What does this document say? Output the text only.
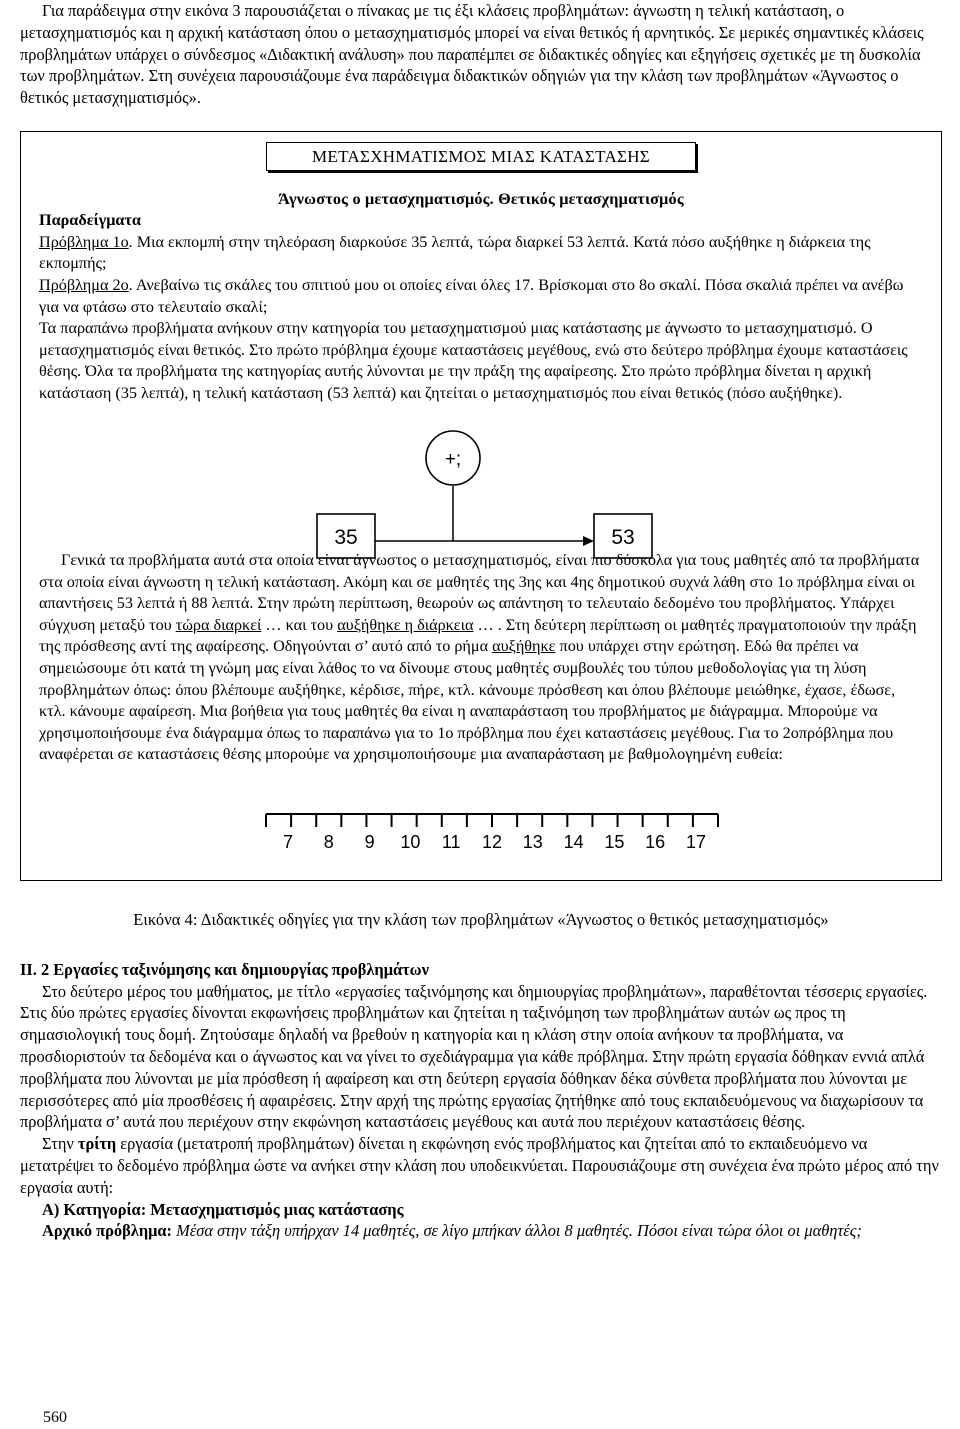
Για παράδειγμα στην εικόνα 3 παρουσιάζεται ο πίνακας με τις έξι κλάσεις προβλημάτων: άγνωστη η τελική κατάσταση, ο μετασχηματισμός και η αρχική κατάσταση όπου ο μετασχηματισμός μπορεί να είναι θετικός ή αρνητικός. Σε μερικές σημαντικές κλάσεις προβλημάτων υπάρχει ο σύνδεσμος «Διδακτική ανάλυση» που παραπέμπει σε διδακτικές οδηγίες και εξηγήσεις σχετικές με τη δυσκολία των προβλημάτων. Στη συνέχεια παρουσιάζουμε ένα παράδειγμα διδακτικών οδηγιών για την κλάση των προβλημάτων «Άγνωστος ο θετικός μετασχηματισμός».

ΜΕΤΑΣΧΗΜΑΤΙΣΜΟΣ ΜΙΑΣ ΚΑΤΑΣΤΑΣΗΣ

Άγνωστος ο μετασχηματισμός. Θετικός μετασχηματισμός

Παραδείγματα

Πρόβλημα 1ο. Μια εκπομπή στην τηλεόραση διαρκούσε 35 λεπτά, τώρα διαρκεί 53 λεπτά. Κατά πόσο αυξήθηκε η διάρκεια της εκπομπής;

Πρόβλημα 2ο. Ανεβαίνω τις σκάλες του σπιτιού μου οι οποίες είναι όλες 17. Βρίσκομαι στο 8ο σκαλί. Πόσα σκαλιά πρέπει να ανέβω για να φτάσω στο τελευταίο σκαλί;

Τα παραπάνω προβλήματα ανήκουν στην κατηγορία του μετασχηματισμού μιας κατάστασης με άγνωστο το μετασχηματισμό. Ο μετασχηματισμός είναι θετικός. Στο πρώτο πρόβλημα έχουμε καταστάσεις μεγέθους, ενώ στο δεύτερο πρόβλημα έχουμε καταστάσεις θέσης. Όλα τα προβλήματα της κατηγορίας αυτής λύνονται με την πράξη της αφαίρεσης. Στο πρώτο πρόβλημα δίνεται η αρχική κατάσταση (35 λεπτά), η τελική κατάσταση (53 λεπτά) και ζητείται ο μετασχηματισμός που είναι θετικός (πόσο αυξήθηκε).

+;
35	53

Γενικά τα προβλήματα αυτά στα οποία είναι άγνωστος ο μετασχηματισμός, είναι πιο δύσκολα για τους μαθητές από τα προβλήματα στα οποία είναι άγνωστη η τελική κατάσταση. Ακόμη και σε μαθητές της 3ης και 4ης δημοτικού συχνά λάθη στο 1ο πρόβλημα είναι οι απαντήσεις 53 λεπτά ή 88 λεπτά. Στην πρώτη περίπτωση, θεωρούν ως απάντηση το τελευταίο δεδομένο του προβλήματος. Υπάρχει σύγχυση μεταξύ του τώρα διαρκεί … και του αυξήθηκε η διάρκεια … . Στη δεύτερη περίπτωση οι μαθητές πραγματοποιούν την πράξη της πρόσθεσης αντί της αφαίρεσης. Οδηγούνται σ’ αυτό από το ρήμα αυξήθηκε που υπάρχει στην ερώτηση. Εδώ θα πρέπει να σημειώσουμε ότι κατά τη γνώμη μας είναι λάθος το να δίνουμε στους μαθητές συμβουλές του τύπου μεθοδολογίας για τη λύση προβλημάτων όπως: όπου βλέπουμε αυξήθηκε, κέρδισε, πήρε, κτλ. κάνουμε πρόσθεση και όπου βλέπουμε μειώθηκε, έχασε, έδωσε, κτλ. κάνουμε αφαίρεση. Μια βοήθεια για τους μαθητές θα είναι η αναπαράσταση του προβλήματος με διάγραμμα. Μπορούμε να χρησιμοποιήσουμε ένα διάγραμμα όπως το παραπάνω για το 1ο πρόβλημα που έχει καταστάσεις μεγέθους. Για το 2οπρόβλημα που αναφέρεται σε καταστάσεις θέσης μπορούμε να χρησιμοποιήσουμε μια αναπαράσταση με βαθμολογημένη ευθεία:

7 8 9 10 11 12 13 14 15 16 17

Εικόνα 4: Διδακτικές οδηγίες για την κλάση των προβλημάτων «Άγνωστος ο θετικός μετασχηματισμός»

ΙΙ. 2 Εργασίες ταξινόμησης και δημιουργίας προβλημάτων

Στο δεύτερο μέρος του μαθήματος, με τίτλο «εργασίες ταξινόμησης και δημιουργίας προβλημάτων», παραθέτονται τέσσερις εργασίες. Στις δύο πρώτες εργασίες δίνονται εκφωνήσεις προβλημάτων και ζητείται η ταξινόμηση των προβλημάτων αυτών ως προς τη σημασιολογική τους δομή. Ζητούσαμε δηλαδή να βρεθούν η κατηγορία και η κλάση στην οποία ανήκουν τα προβλήματα, να προσδιοριστούν τα δεδομένα και ο άγνωστος και να γίνει το σχεδιάγραμμα για κάθε πρόβλημα. Στην πρώτη εργασία δόθηκαν εννιά απλά προβλήματα που λύνονται με μία πρόσθεση ή αφαίρεση και στη δεύτερη εργασία δόθηκαν δέκα σύνθετα προβλήματα που λύνονται με περισσότερες από μία προσθέσεις ή αφαιρέσεις. Στην αρχή της πρώτης εργασίας ζητήθηκε από τους εκπαιδευόμενους να διαχωρίσουν τα προβλήματα σ’ αυτά που περιέχουν στην εκφώνηση καταστάσεις μεγέθους και αυτά που περιέχουν καταστάσεις θέσης.

Στην τρίτη εργασία (μετατροπή προβλημάτων) δίνεται η εκφώνηση ενός προβλήματος και ζητείται από το εκπαιδευόμενο να μετατρέψει το δεδομένο πρόβλημα ώστε να ανήκει στην κλάση που υποδεικνύεται. Παρουσιάζουμε στη συνέχεια ένα πρώτο μέρος από την εργασία αυτή:

Α) Κατηγορία: Μετασχηματισμός μιας κατάστασης

Αρχικό πρόβλημα: Μέσα στην τάξη υπήρχαν 14 μαθητές, σε λίγο μπήκαν άλλοι 8 μαθητές. Πόσοι είναι τώρα όλοι οι μαθητές;

560
